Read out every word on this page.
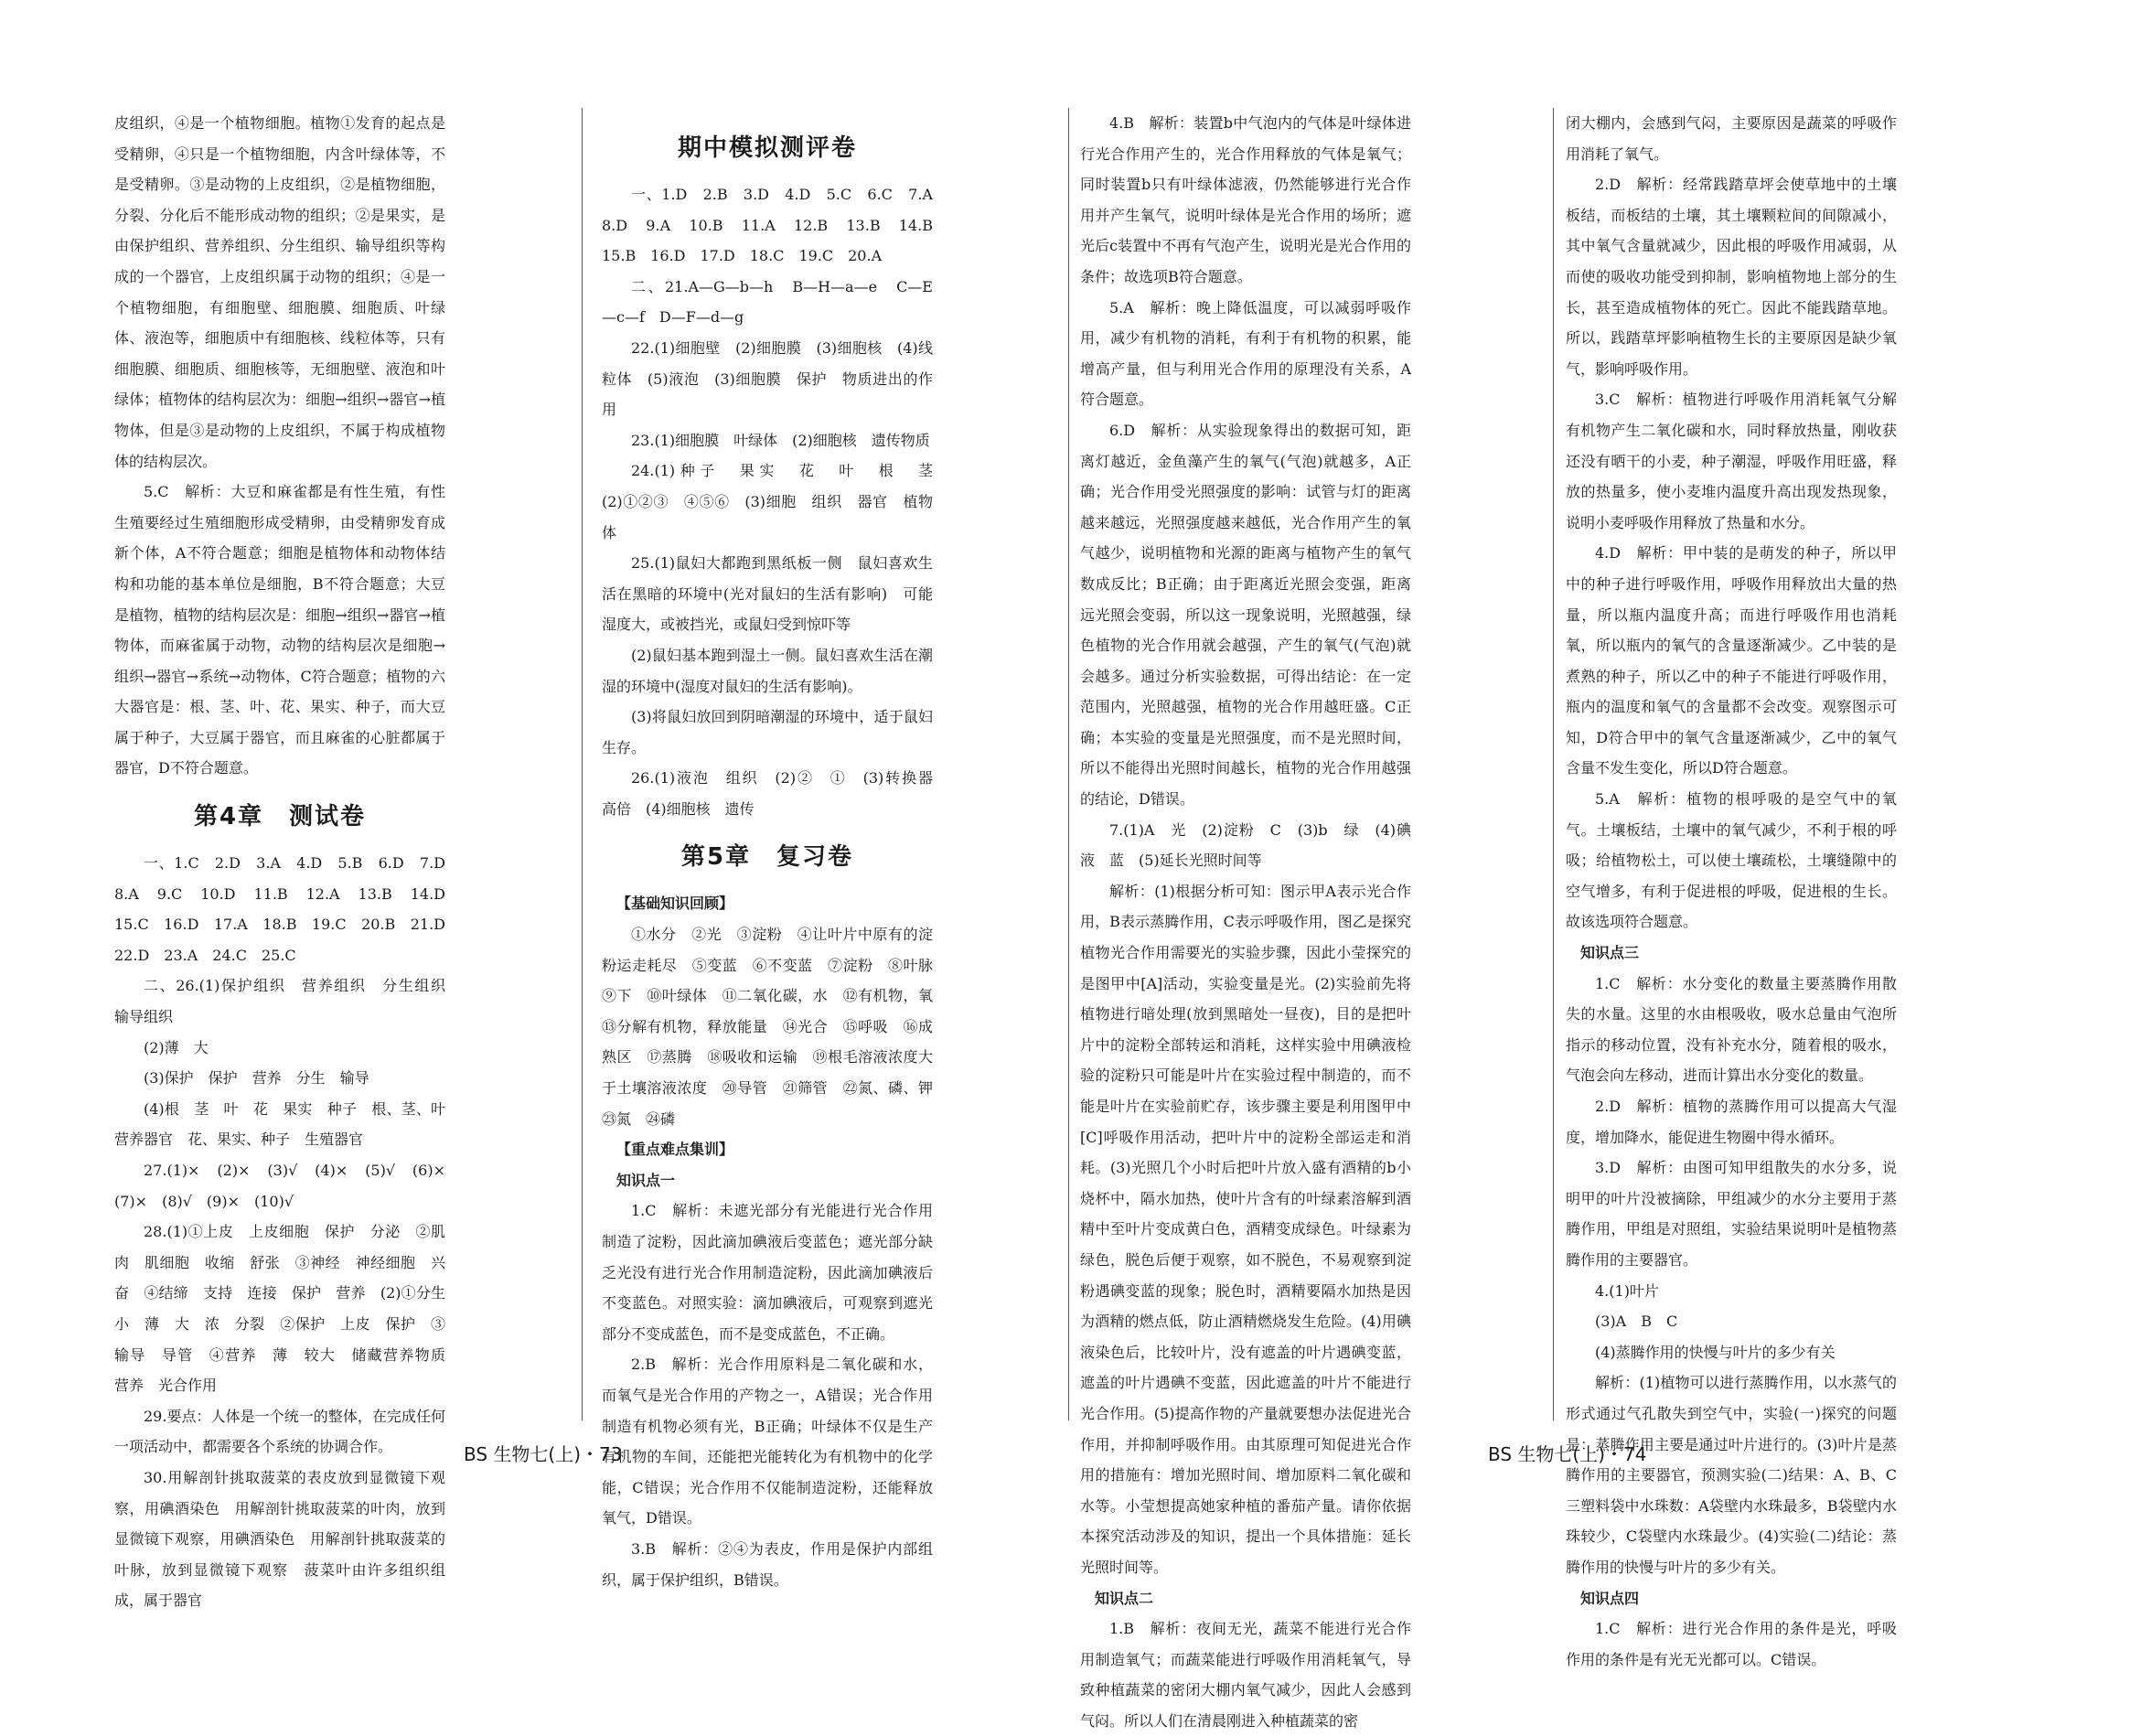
皮组织，④是一个植物细胞。植物①发育的起点是受精卵，④只是一个植物细胞，内含叶绿体等，不是受精卵。③是动物的上皮组织，②是植物细胞，分裂、分化后不能形成动物的组织；②是果实，是由保护组织、营养组织、分生组织、输导组织等构成的一个器官，上皮组织属于动物的组织；④是一个植物细胞，有细胞壁、细胞膜、细胞质、叶绿体、液泡等，细胞质中有细胞核、线粒体等，只有细胞膜、细胞质、细胞核等，无细胞壁、液泡和叶绿体；植物体的结构层次为：细胞→组织→器官→植物体，但是③是动物的上皮组织，不属于构成植物体的结构层次。

5.C　解析：大豆和麻雀都是有性生殖，有性生殖要经过生殖细胞形成受精卵，由受精卵发育成新个体，A不符合题意；细胞是植物体和动物体结构和功能的基本单位是细胞，B不符合题意；大豆是植物，植物的结构层次是：细胞→组织→器官→植物体，而麻雀属于动物，动物的结构层次是细胞→组织→器官→系统→动物体，C符合题意；植物的六大器官是：根、茎、叶、花、果实、种子，而大豆属于种子，大豆属于器官，而且麻雀的心脏都属于器官，D不符合题意。

第4章　测试卷

一、1.C　2.D　3.A　4.D　5.B　6.D　7.D　8.A　9.C　10.D　11.B　12.A　13.B　14.D　15.C　16.D　17.A　18.B　19.C　20.B　21.D　22.D　23.A　24.C　25.C

二、26.(1)保护组织　营养组织　分生组织　输导组织

(2)薄　大

(3)保护　保护　营养　分生　输导

(4)根　茎　叶　花　果实　种子　根、茎、叶　营养器官　花、果实、种子　生殖器官

27.(1)×　(2)×　(3)√　(4)×　(5)√　(6)×　(7)×　(8)√　(9)×　(10)√

28.(1)①上皮　上皮细胞　保护　分泌　②肌肉　肌细胞　收缩　舒张　③神经　神经细胞　兴奋　④结缔　支持　连接　保护　营养　(2)①分生　小　薄　大　浓　分裂　②保护　上皮　保护　③输导　导管　④营养　薄　较大　储藏营养物质　营养　光合作用

29.要点：人体是一个统一的整体，在完成任何一项活动中，都需要各个系统的协调合作。

30.用解剖针挑取菠菜的表皮放到显微镜下观察，用碘酒染色　用解剖针挑取菠菜的叶肉，放到显微镜下观察，用碘酒染色　用解剖针挑取菠菜的叶脉，放到显微镜下观察　菠菜叶由许多组织组成，属于器官

期中模拟测评卷

一、1.D　2.B　3.D　4.D　5.C　6.C　7.A　8.D　9.A　10.B　11.A　12.B　13.B　14.B　15.B　16.D　17.D　18.C　19.C　20.A

二、21.A—G—b—h　B—H—a—e　C—E—c—f　D—F—d—g

22.(1)细胞壁　(2)细胞膜　(3)细胞核　(4)线粒体　(5)液泡　(3)细胞膜　保护　物质进出的作用

23.(1)细胞膜　叶绿体　(2)细胞核　遗传物质

24.(1)种子　果实　花　叶　根　茎　(2)①②③　④⑤⑥　(3)细胞　组织　器官　植物体

25.(1)鼠妇大都跑到黑纸板一侧　鼠妇喜欢生活在黑暗的环境中(光对鼠妇的生活有影响)　可能湿度大，或被挡光，或鼠妇受到惊吓等

(2)鼠妇基本跑到湿土一侧。鼠妇喜欢生活在潮湿的环境中(湿度对鼠妇的生活有影响)。

(3)将鼠妇放回到阴暗潮湿的环境中，适于鼠妇生存。

26.(1)液泡　组织　(2)②　①　(3)转换器　高倍　(4)细胞核　遗传

第5章　复习卷

【基础知识回顾】

①水分　②光　③淀粉　④让叶片中原有的淀粉运走耗尽　⑤变蓝　⑥不变蓝　⑦淀粉　⑧叶脉　⑨下　⑩叶绿体　⑪二氧化碳，水　⑫有机物，氧　⑬分解有机物，释放能量　⑭光合　⑮呼吸　⑯成熟区　⑰蒸腾　⑱吸收和运输　⑲根毛溶液浓度大于土壤溶液浓度　⑳导管　㉑筛管　㉒氮、磷、钾　㉓氮　㉔磷

【重点难点集训】

知识点一

1.C　解析：未遮光部分有光能进行光合作用制造了淀粉，因此滴加碘液后变蓝色；遮光部分缺乏光没有进行光合作用制造淀粉，因此滴加碘液后不变蓝色。对照实验：滴加碘液后，可观察到遮光部分不变成蓝色，而不是变成蓝色，不正确。

2.B　解析：光合作用原料是二氧化碳和水，而氧气是光合作用的产物之一，A错误；光合作用制造有机物必须有光，B正确；叶绿体不仅是生产有机物的车间，还能把光能转化为有机物中的化学能，C错误；光合作用不仅能制造淀粉，还能释放氧气，D错误。

3.B　解析：②④为表皮，作用是保护内部组织，属于保护组织，B错误。

BS 生物七(上)・73

4.B　解析：装置b中气泡内的气体是叶绿体进行光合作用产生的，光合作用释放的气体是氧气；同时装置b只有叶绿体滤液，仍然能够进行光合作用并产生氧气，说明叶绿体是光合作用的场所；遮光后c装置中不再有气泡产生，说明光是光合作用的条件；故选项B符合题意。

5.A　解析：晚上降低温度，可以减弱呼吸作用，减少有机物的消耗，有利于有机物的积累，能增高产量，但与利用光合作用的原理没有关系，A符合题意。

6.D　解析：从实验现象得出的数据可知，距离灯越近，金鱼藻产生的氧气(气泡)就越多，A正确；光合作用受光照强度的影响：试管与灯的距离越来越远，光照强度越来越低，光合作用产生的氧气越少，说明植物和光源的距离与植物产生的氧气数成反比；B正确；由于距离近光照会变强，距离远光照会变弱，所以这一现象说明，光照越强，绿色植物的光合作用就会越强，产生的氧气(气泡)就会越多。通过分析实验数据，可得出结论：在一定范围内，光照越强，植物的光合作用越旺盛。C正确；本实验的变量是光照强度，而不是光照时间，所以不能得出光照时间越长，植物的光合作用越强的结论，D错误。

7.(1)A　光　(2)淀粉　C　(3)b　绿　(4)碘液　蓝　(5)延长光照时间等

解析：(1)根据分析可知：图示甲A表示光合作用，B表示蒸腾作用，C表示呼吸作用，图乙是探究植物光合作用需要光的实验步骤，因此小莹探究的是图甲中[A]活动，实验变量是光。(2)实验前先将植物进行暗处理(放到黑暗处一昼夜)，目的是把叶片中的淀粉全部转运和消耗，这样实验中用碘液检验的淀粉只可能是叶片在实验过程中制造的，而不能是叶片在实验前贮存，该步骤主要是利用图甲中[C]呼吸作用活动，把叶片中的淀粉全部运走和消耗。(3)光照几个小时后把叶片放入盛有酒精的b小烧杯中，隔水加热，使叶片含有的叶绿素溶解到酒精中至叶片变成黄白色，酒精变成绿色。叶绿素为绿色，脱色后便于观察，如不脱色，不易观察到淀粉遇碘变蓝的现象；脱色时，酒精要隔水加热是因为酒精的燃点低，防止酒精燃烧发生危险。(4)用碘液染色后，比较叶片，没有遮盖的叶片遇碘变蓝，遮盖的叶片遇碘不变蓝，因此遮盖的叶片不能进行光合作用。(5)提高作物的产量就要想办法促进光合作用，并抑制呼吸作用。由其原理可知促进光合作用的措施有：增加光照时间、增加原料二氧化碳和水等。小莹想提高她家种植的番茄产量。请你依据本探究活动涉及的知识，提出一个具体措施：延长光照时间等。

知识点二

1.B　解析：夜间无光，蔬菜不能进行光合作用制造氧气；而蔬菜能进行呼吸作用消耗氧气，导致种植蔬菜的密闭大棚内氧气减少，因此人会感到气闷。所以人们在清晨刚进入种植蔬菜的密

闭大棚内，会感到气闷，主要原因是蔬菜的呼吸作用消耗了氧气。

2.D　解析：经常践踏草坪会使草地中的土壤板结，而板结的土壤，其土壤颗粒间的间隙减小，其中氧气含量就减少，因此根的呼吸作用减弱，从而使的吸收功能受到抑制，影响植物地上部分的生长，甚至造成植物体的死亡。因此不能践踏草地。所以，践踏草坪影响植物生长的主要原因是缺少氧气，影响呼吸作用。

3.C　解析：植物进行呼吸作用消耗氧气分解有机物产生二氧化碳和水，同时释放热量，刚收获还没有晒干的小麦，种子潮湿，呼吸作用旺盛，释放的热量多，使小麦堆内温度升高出现发热现象，说明小麦呼吸作用释放了热量和水分。

4.D　解析：甲中装的是萌发的种子，所以甲中的种子进行呼吸作用，呼吸作用释放出大量的热量，所以瓶内温度升高；而进行呼吸作用也消耗氧，所以瓶内的氧气的含量逐渐减少。乙中装的是煮熟的种子，所以乙中的种子不能进行呼吸作用，瓶内的温度和氧气的含量都不会改变。观察图示可知，D符合甲中的氧气含量逐渐减少，乙中的氧气含量不发生变化，所以D符合题意。

5.A　解析：植物的根呼吸的是空气中的氧气。土壤板结，土壤中的氧气减少，不利于根的呼吸；给植物松土，可以使土壤疏松，土壤缝隙中的空气增多，有利于促进根的呼吸，促进根的生长。故该选项符合题意。

知识点三

1.C　解析：水分变化的数量主要蒸腾作用散失的水量。这里的水由根吸收，吸水总量由气泡所指示的移动位置，没有补充水分，随着根的吸水，气泡会向左移动，进而计算出水分变化的数量。

2.D　解析：植物的蒸腾作用可以提高大气湿度，增加降水，能促进生物圈中得水循环。

3.D　解析：由图可知甲组散失的水分多，说明甲的叶片没被摘除，甲组减少的水分主要用于蒸腾作用，甲组是对照组，实验结果说明叶是植物蒸腾作用的主要器官。

4.(1)叶片

(3)A　B　C

(4)蒸腾作用的快慢与叶片的多少有关

解析：(1)植物可以进行蒸腾作用，以水蒸气的形式通过气孔散失到空气中，实验(一)探究的问题是：蒸腾作用主要是通过叶片进行的。(3)叶片是蒸腾作用的主要器官，预测实验(二)结果：A、B、C三塑料袋中水珠数：A袋壁内水珠最多，B袋壁内水珠较少，C袋壁内水珠最少。(4)实验(二)结论：蒸腾作用的快慢与叶片的多少有关。

知识点四

1.C　解析：进行光合作用的条件是光，呼吸作用的条件是有光无光都可以。C错误。

BS 生物七(上)・74
